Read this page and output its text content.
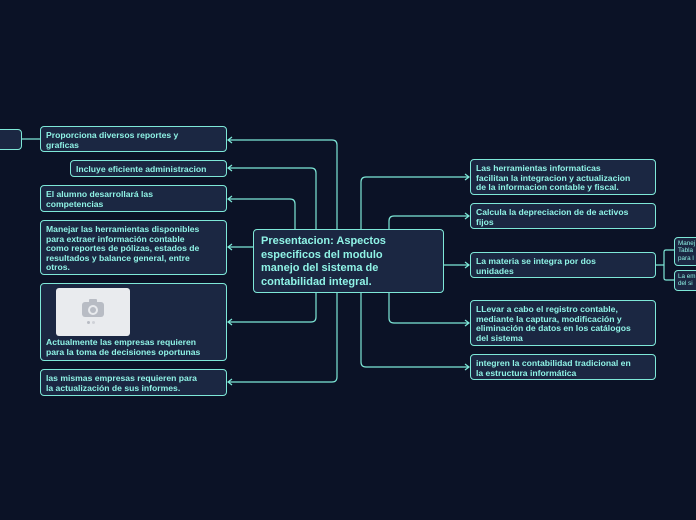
Proporciona diversos reportes y
graficas
Incluye eficiente administracion
El alumno desarrollará las
competencias
Manejar las herramientas disponibles
para extraer información contable
como reportes de pólizas, estados de
resultados y balance general, entre
otros.
Actualmente las empresas requieren
para la toma de decisiones oportunas
las mismas empresas requieren para
la actualización de sus informes.
Presentacion: Aspectos
especificos del modulo
manejo del sistema de
contabilidad integral.
Las herramientas informaticas
facilitan la integracion y actualizacion
de la informacion contable y fiscal.
Calcula la depreciacion de de activos
fijos
La materia se integra por dos
unidades
LLevar a cabo el registro contable,
mediante la captura, modificación y
eliminación de datos en los catálogos
del sistema
integren la contabilidad tradicional en
la estructura informática
Manej
Tabla
para l
La em
del si
